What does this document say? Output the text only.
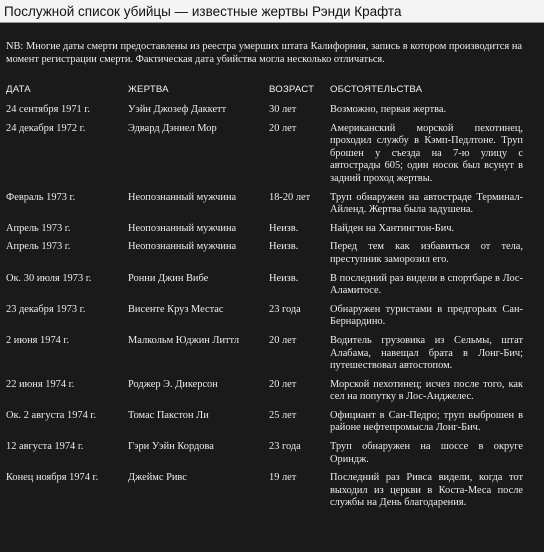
Послужной список убийцы — известные жертвы Рэнди Крафта
NB: Многие даты смерти предоставлены из реестра умерших штата Калифорния, запись в котором производится на момент регистрации смерти. Фактическая дата убийства могла несколько отличаться.
ДАТА	ЖЕРТВА	ВОЗРАСТ	ОБСТОЯТЕЛЬСТВА
24 сентября 1971 г.	Уэйн Джозеф Даккетт	30 лет	Возможно, первая жертва.
24 декабря 1972 г.	Эдвард Дэниел Мор	20 лет	Американский морской пехотинец, проходил службу в Кэмп-Педлтоне. Труп брошен у съезда на 7-ю улицу с автострады 605; один носок был всунут в задний проход жертвы.
Февраль 1973 г.	Неопознанный мужчина	18-20 лет	Труп обнаружен на автостраде Терминал-Айленд. Жертва была задушена.
Апрель 1973 г.	Неопознанный мужчина	Неизв.	Найден на Хантингтон-Бич.
Апрель 1973 г.	Неопознанный мужчина	Неизв.	Перед тем как избавиться от тела, преступник заморозил его.
Ок. 30 июля 1973 г.	Ронни Джин Вибе	Неизв.	В последний раз видели в спортбаре в Лос-Аламитосе.
23 декабря 1973 г.	Висенте Круз Местас	23 года	Обнаружен туристами в предгорьях Сан-Бернардино.
2 июня 1974 г.	Малкольм Юджин Литтл	20 лет	Водитель грузовика из Сельмы, штат Алабама, навещал брата в Лонг-Бич; путешествовал автостопом.
22 июня 1974 г.	Роджер Э. Дикерсон	20 лет	Морской пехотинец; исчез после того, как сел на попутку в Лос-Анджелес.
Ок. 2 августа 1974 г.	Томас Пакстон Ли	25 лет	Официант в Сан-Педро; труп выброшен в районе нефтепромысла Лонг-Бич.
12 августа 1974 г.	Гэри Уэйн Кордова	23 года	Труп обнаружен на шоссе в округе Ориндж.
Конец ноября 1974 г.	Джеймс Ривс	19 лет	Последний раз Ривса видели, когда тот выходил из церкви в Коста-Меса после службы на День благодарения.
